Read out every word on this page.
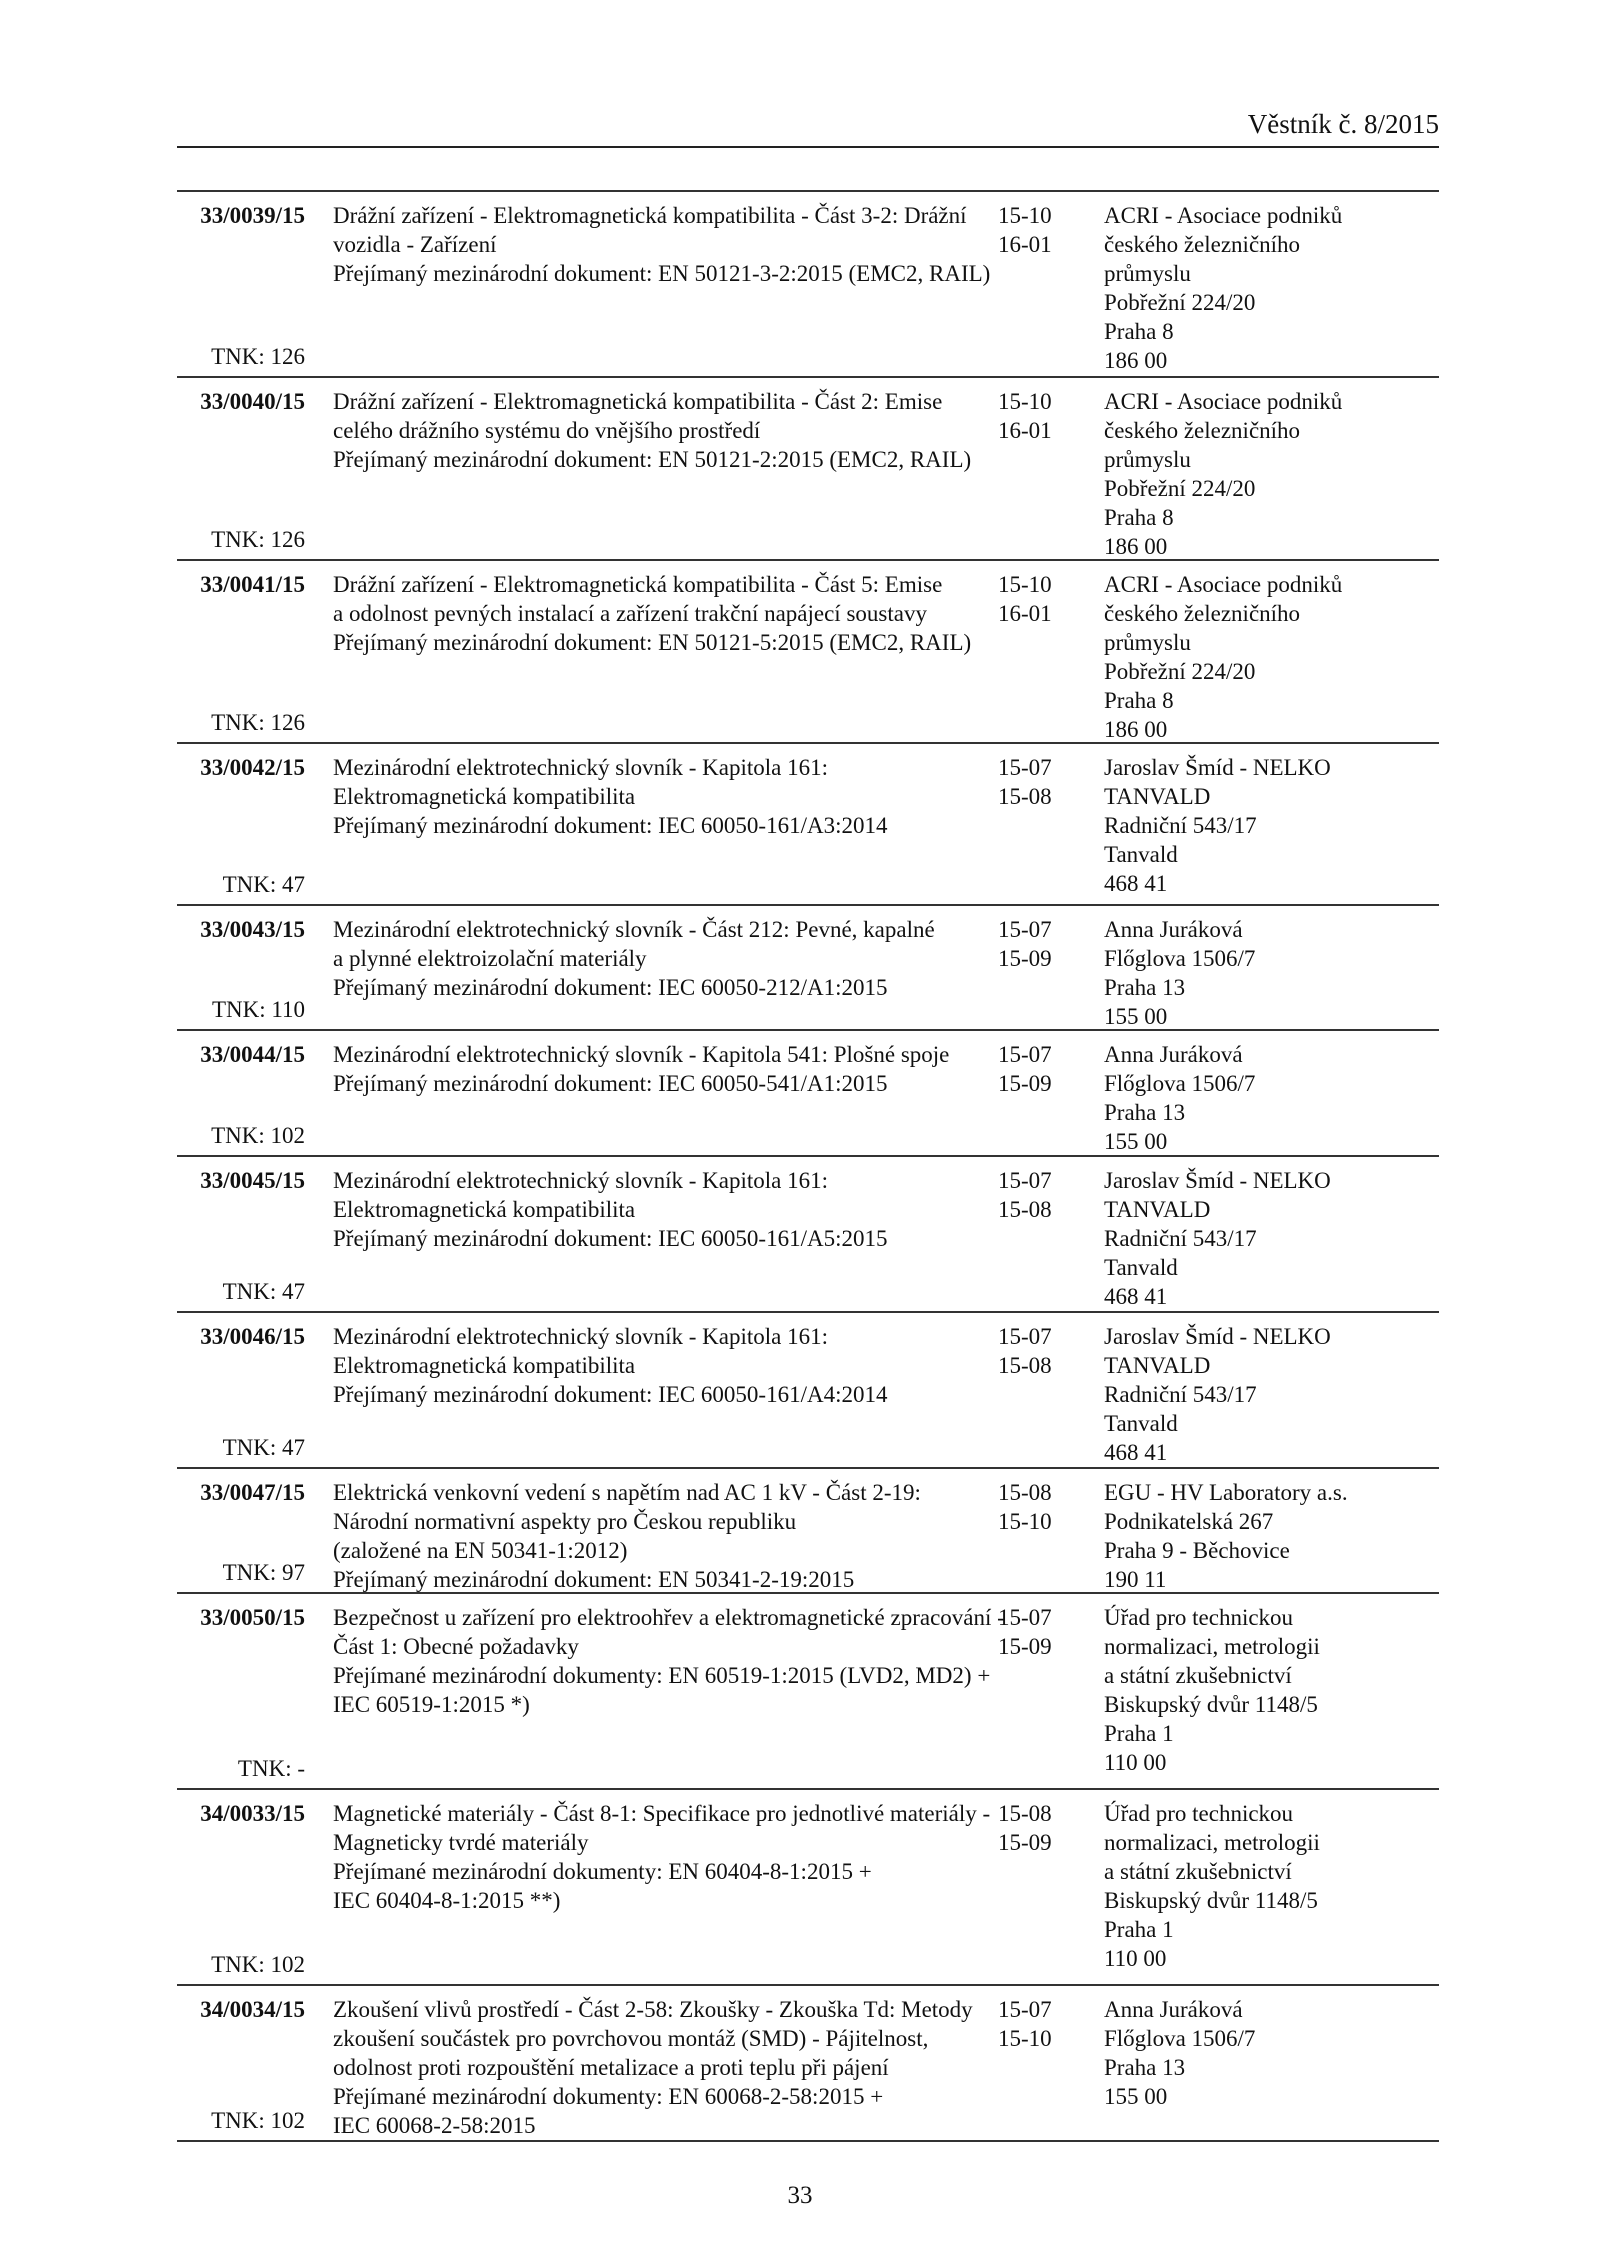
Věstník č. 8/2015
33/0039/15
TNK: 126
Drážní zařízení - Elektromagnetická kompatibilita - Část 3-2: Drážní
vozidla - Zařízení
Přejímaný mezinárodní dokument: EN 50121-3-2:2015 (EMC2, RAIL)
15-10
16-01
ACRI - Asociace podniků
českého železničního
průmyslu
Pobřežní 224/20
Praha 8
186 00
33/0040/15
TNK: 126
Drážní zařízení - Elektromagnetická kompatibilita - Část 2: Emise
celého drážního systému do vnějšího prostředí
Přejímaný mezinárodní dokument: EN 50121-2:2015 (EMC2, RAIL)
15-10
16-01
ACRI - Asociace podniků
českého železničního
průmyslu
Pobřežní 224/20
Praha 8
186 00
33/0041/15
TNK: 126
Drážní zařízení - Elektromagnetická kompatibilita - Část 5: Emise
a odolnost pevných instalací a zařízení trakční napájecí soustavy
Přejímaný mezinárodní dokument: EN 50121-5:2015 (EMC2, RAIL)
15-10
16-01
ACRI - Asociace podniků
českého železničního
průmyslu
Pobřežní 224/20
Praha 8
186 00
33/0042/15
TNK: 47
Mezinárodní elektrotechnický slovník - Kapitola 161:
Elektromagnetická kompatibilita
Přejímaný mezinárodní dokument: IEC 60050-161/A3:2014
15-07
15-08
Jaroslav Šmíd - NELKO
TANVALD
Radniční 543/17
Tanvald
468 41
33/0043/15
TNK: 110
Mezinárodní elektrotechnický slovník - Část 212: Pevné, kapalné
a plynné elektroizolační materiály
Přejímaný mezinárodní dokument: IEC 60050-212/A1:2015
15-07
15-09
Anna Juráková
Flőglova 1506/7
Praha 13
155 00
33/0044/15
TNK: 102
Mezinárodní elektrotechnický slovník - Kapitola 541: Plošné spoje
Přejímaný mezinárodní dokument: IEC 60050-541/A1:2015
15-07
15-09
Anna Juráková
Flőglova 1506/7
Praha 13
155 00
33/0045/15
TNK: 47
Mezinárodní elektrotechnický slovník - Kapitola 161:
Elektromagnetická kompatibilita
Přejímaný mezinárodní dokument: IEC 60050-161/A5:2015
15-07
15-08
Jaroslav Šmíd - NELKO
TANVALD
Radniční 543/17
Tanvald
468 41
33/0046/15
TNK: 47
Mezinárodní elektrotechnický slovník - Kapitola 161:
Elektromagnetická kompatibilita
Přejímaný mezinárodní dokument: IEC 60050-161/A4:2014
15-07
15-08
Jaroslav Šmíd - NELKO
TANVALD
Radniční 543/17
Tanvald
468 41
33/0047/15
TNK: 97
Elektrická venkovní vedení s napětím nad AC 1 kV - Část 2-19:
Národní normativní aspekty pro Českou republiku
(založené na EN 50341-1:2012)
Přejímaný mezinárodní dokument: EN 50341-2-19:2015
15-08
15-10
EGU - HV Laboratory a.s.
Podnikatelská 267
Praha 9 - Běchovice
190 11
33/0050/15
TNK: -
Bezpečnost u zařízení pro elektroohřev a elektromagnetické zpracování -
Část 1: Obecné požadavky
Přejímané mezinárodní dokumenty: EN 60519-1:2015 (LVD2, MD2) +
IEC 60519-1:2015 *)
15-07
15-09
Úřad pro technickou
normalizaci, metrologii
a státní zkušebnictví
Biskupský dvůr 1148/5
Praha 1
110 00
34/0033/15
TNK: 102
Magnetické materiály - Část 8-1: Specifikace pro jednotlivé materiály -
Magneticky tvrdé materiály
Přejímané mezinárodní dokumenty: EN 60404-8-1:2015 +
IEC 60404-8-1:2015 **)
15-08
15-09
Úřad pro technickou
normalizaci, metrologii
a státní zkušebnictví
Biskupský dvůr 1148/5
Praha 1
110 00
34/0034/15
TNK: 102
Zkoušení vlivů prostředí - Část 2-58: Zkoušky - Zkouška Td: Metody
zkoušení součástek pro povrchovou montáž (SMD) - Pájitelnost,
odolnost proti rozpouštění metalizace a proti teplu při pájení
Přejímané mezinárodní dokumenty: EN 60068-2-58:2015 +
IEC 60068-2-58:2015
15-07
15-10
Anna Juráková
Flőglova 1506/7
Praha 13
155 00
33
